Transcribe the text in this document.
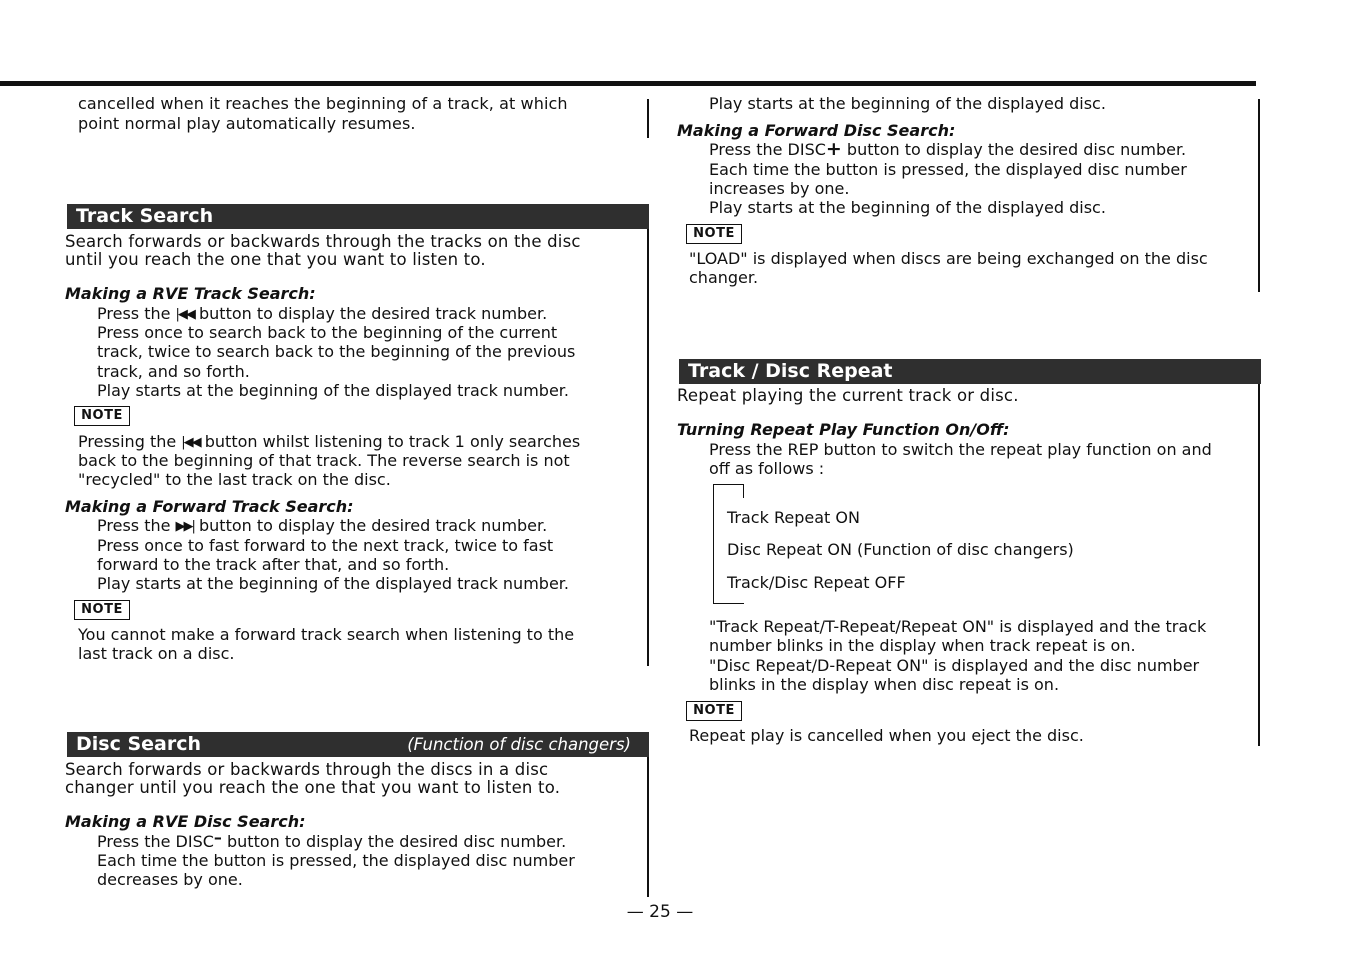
cancelled when it reaches the beginning of a track, at which
point normal play automatically resumes.
Track Search
Search forwards or backwards through the tracks on the disc
until you reach the one that you want to listen to.
Making a RVE Track Search:
Press the |◀◀ button to display the desired track number.
Press once to search back to the beginning of the current
track, twice to search back to the beginning of the previous
track, and so forth.
Play starts at the beginning of the displayed track number.
NOTE
Pressing the |◀◀ button whilst listening to track 1 only searches
back to the beginning of that track. The reverse search is not
"recycled" to the last track on the disc.
Making a Forward Track Search:
Press the ▶▶| button to display the desired track number.
Press once to fast forward to the next track, twice to fast
forward to the track after that, and so forth.
Play starts at the beginning of the displayed track number.
NOTE
You cannot make a forward track search when listening to the
last track on a disc.
Disc Search	(Function of disc changers)
Search forwards or backwards through the discs in a disc
changer until you reach the one that you want to listen to.
Making a RVE Disc Search:
Press the DISC– button to display the desired disc number.
Each time the button is pressed, the displayed disc number
decreases by one.
— 25 —
Play starts at the beginning of the displayed disc.
Making a Forward Disc Search:
Press the DISC+ button to display the desired disc number.
Each time the button is pressed, the displayed disc number
increases by one.
Play starts at the beginning of the displayed disc.
NOTE
"LOAD" is displayed when discs are being exchanged on the disc
changer.
Track / Disc Repeat
Repeat playing the current track or disc.
Turning Repeat Play Function On/Off:
Press the REP button to switch the repeat play function on and
off as follows :
Track Repeat ON
Disc Repeat ON (Function of disc changers)
Track/Disc Repeat OFF
"Track Repeat/T-Repeat/Repeat ON" is displayed and the track
number blinks in the display when track repeat is on.
"Disc Repeat/D-Repeat ON" is displayed and the disc number
blinks in the display when disc repeat is on.
NOTE
Repeat play is cancelled when you eject the disc.
